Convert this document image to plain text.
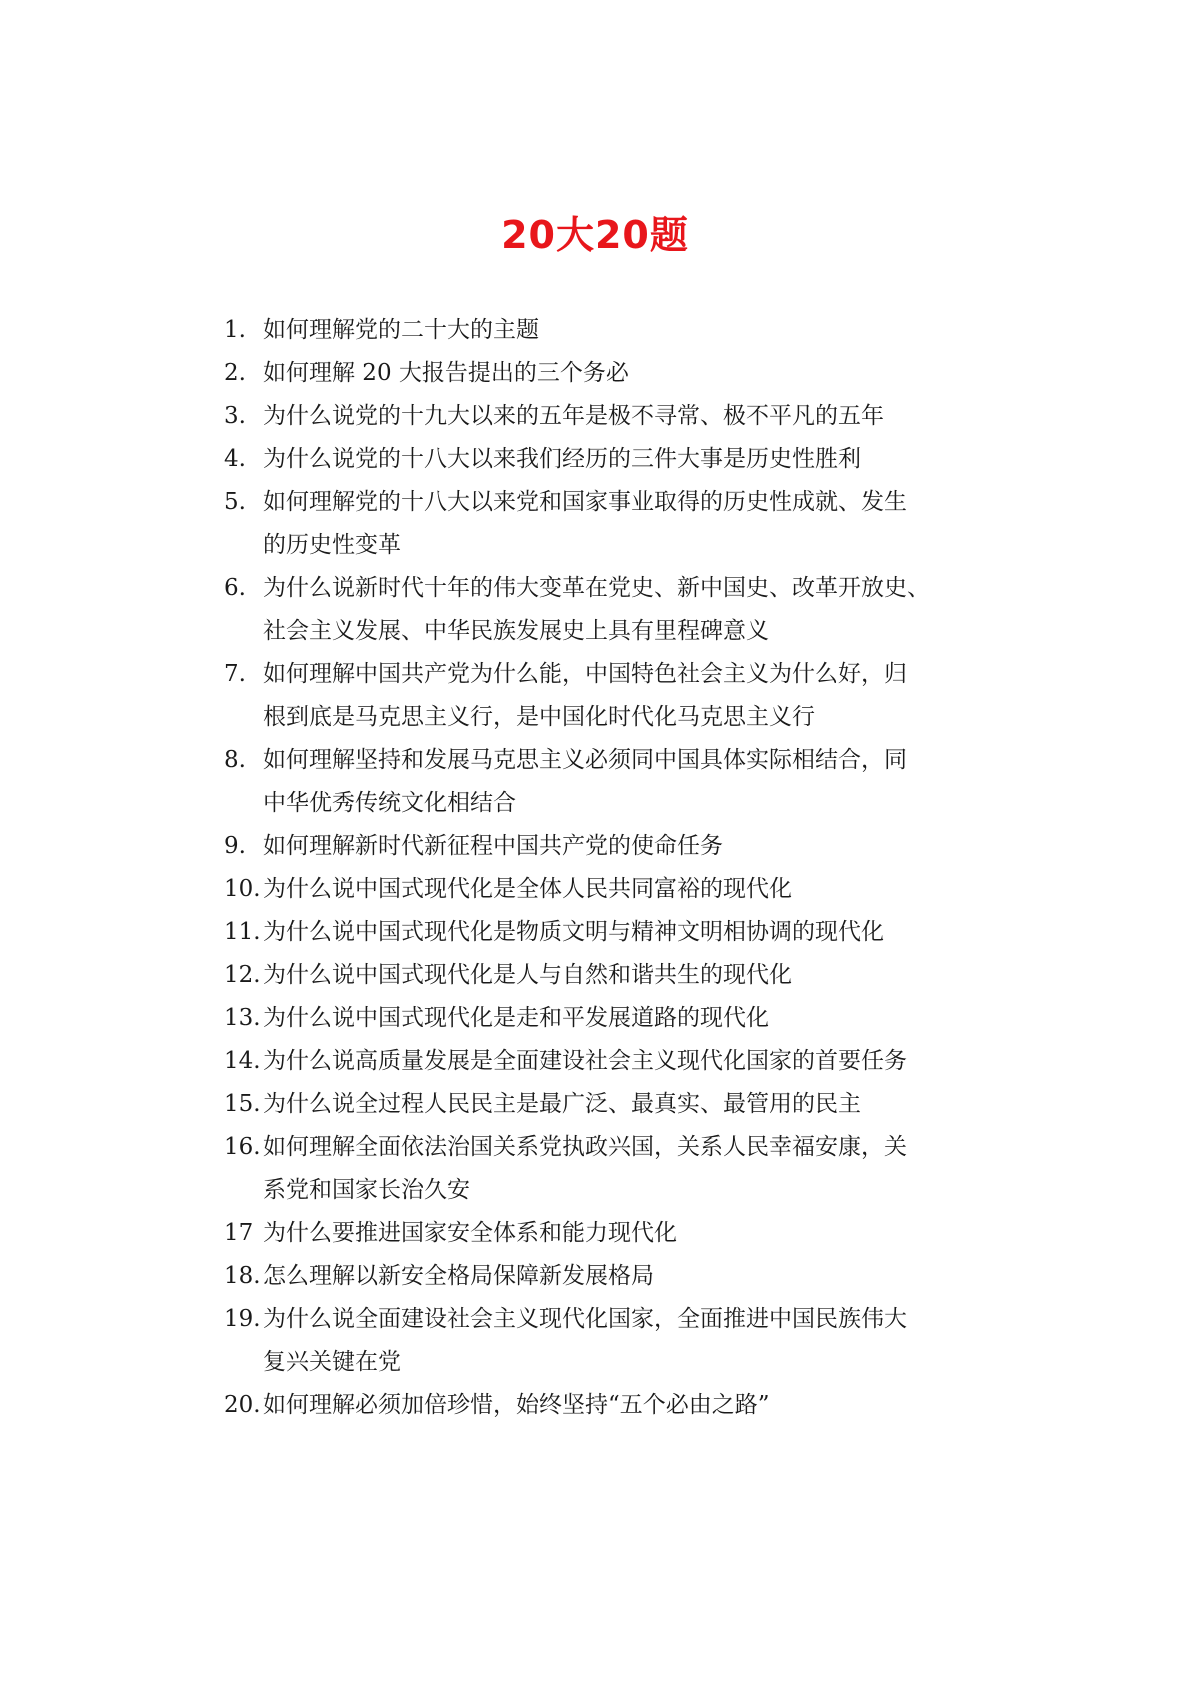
20大20题
1. 如何理解党的二十大的主题
2. 如何理解 20 大报告提出的三个务必
3. 为什么说党的十九大以来的五年是极不寻常、极不平凡的五年
4. 为什么说党的十八大以来我们经历的三件大事是历史性胜利
5. 如何理解党的十八大以来党和国家事业取得的历史性成就、发生
的历史性变革
6. 为什么说新时代十年的伟大变革在党史、新中国史、改革开放史、
社会主义发展、中华民族发展史上具有里程碑意义
7. 如何理解中国共产党为什么能，中国特色社会主义为什么好，归
根到底是马克思主义行，是中国化时代化马克思主义行
8. 如何理解坚持和发展马克思主义必须同中国具体实际相结合，同
中华优秀传统文化相结合
9. 如何理解新时代新征程中国共产党的使命任务
10. 为什么说中国式现代化是全体人民共同富裕的现代化
11. 为什么说中国式现代化是物质文明与精神文明相协调的现代化
12. 为什么说中国式现代化是人与自然和谐共生的现代化
13. 为什么说中国式现代化是走和平发展道路的现代化
14. 为什么说高质量发展是全面建设社会主义现代化国家的首要任务
15. 为什么说全过程人民民主是最广泛、最真实、最管用的民主
16. 如何理解全面依法治国关系党执政兴国，关系人民幸福安康，关
系党和国家长治久安
17 为什么要推进国家安全体系和能力现代化
18. 怎么理解以新安全格局保障新发展格局
19. 为什么说全面建设社会主义现代化国家，全面推进中国民族伟大
复兴关键在党
20. 如何理解必须加倍珍惜，始终坚持“五个必由之路”
